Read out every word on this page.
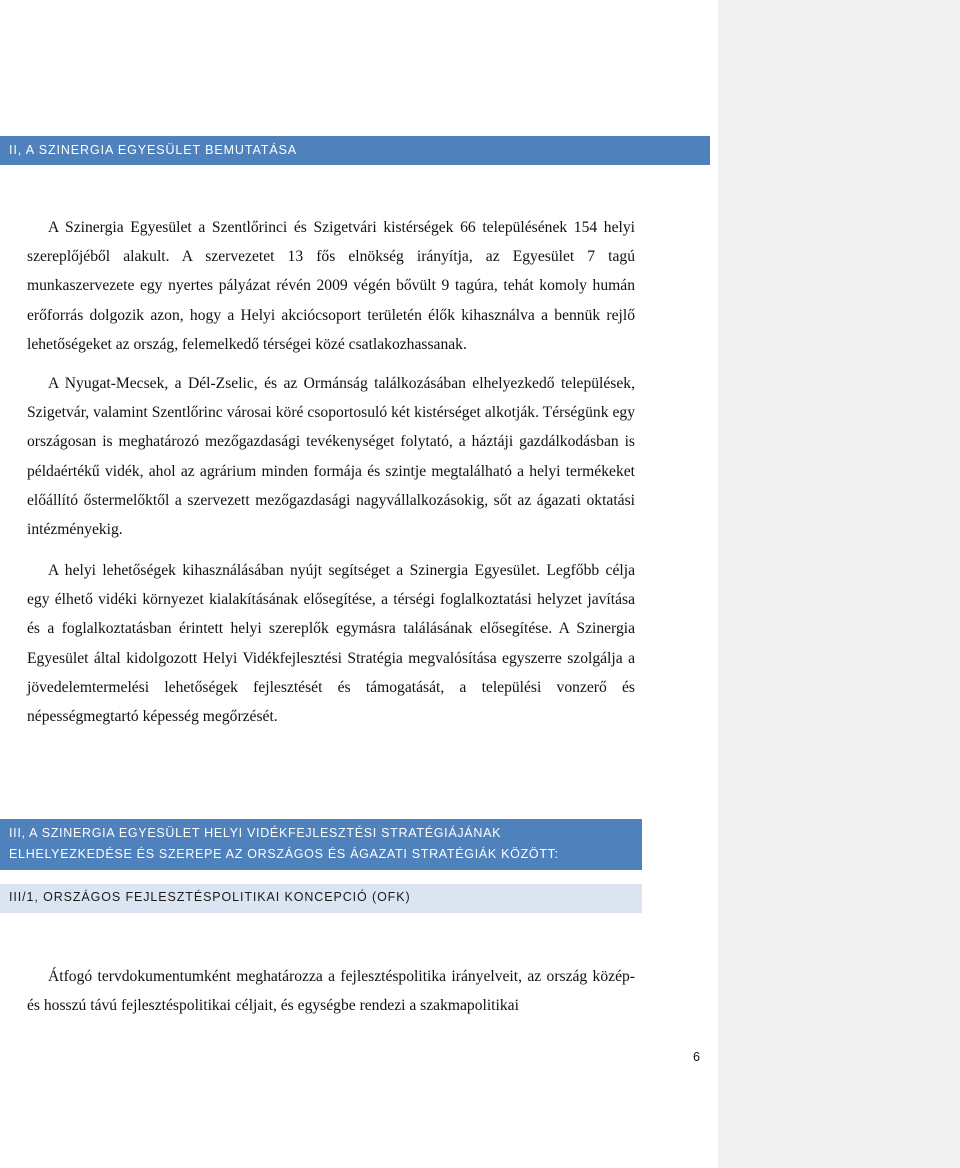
II, A SZINERGIA EGYESÜLET BEMUTATÁSA

A Szinergia Egyesület a Szentlőrinci és Szigetvári kistérségek 66 településének 154 helyi szereplőjéből alakult. A szervezetet 13 fős elnökség irányítja, az Egyesület 7 tagú munkaszervezete egy nyertes pályázat révén 2009 végén bővült 9 tagúra, tehát komoly humán erőforrás dolgozik azon, hogy a Helyi akciócsoport területén élők kihasználva a bennük rejlő lehetőségeket az ország, felemelkedő térségei közé csatlakozhassanak.

A Nyugat-Mecsek, a Dél-Zselic, és az Ormánság találkozásában elhelyezkedő települések, Szigetvár, valamint Szentlőrinc városai köré csoportosuló két kistérséget alkotják. Térségünk egy országosan is meghatározó mezőgazdasági tevékenységet folytató, a háztáji gazdálkodásban is példaértékű vidék, ahol az agrárium minden formája és szintje megtalálható a helyi termékeket előállító őstermelőktől a szervezett mezőgazdasági nagyvállalkozásokig, sőt az ágazati oktatási intézményekig.

A helyi lehetőségek kihasználásában nyújt segítséget a Szinergia Egyesület. Legfőbb célja egy élhető vidéki környezet kialakításának elősegítése, a térségi foglalkoztatási helyzet javítása és a foglalkoztatásban érintett helyi szereplők egymásra találásának elősegítése. A Szinergia Egyesület által kidolgozott Helyi Vidékfejlesztési Stratégia megvalósítása egyszerre szolgálja a jövedelemtermelési lehetőségek fejlesztését és támogatását, a települési vonzerő és népességmegtartó képesség megőrzését.

III, A SZINERGIA EGYESÜLET HELYI VIDÉKFEJLESZTÉSI STRATÉGIÁJÁNAK
ELHELYEZKEDÉSE ÉS SZEREPE AZ ORSZÁGOS ÉS ÁGAZATI STRATÉGIÁK KÖZÖTT:
III/1, ORSZÁGOS FEJLESZTÉSPOLITIKAI KONCEPCIÓ (OFK)

Átfogó tervdokumentumként meghatározza a fejlesztéspolitika irányelveit, az ország közép- és hosszú távú fejlesztéspolitikai céljait, és egységbe rendezi a szakmapolitikai

6
